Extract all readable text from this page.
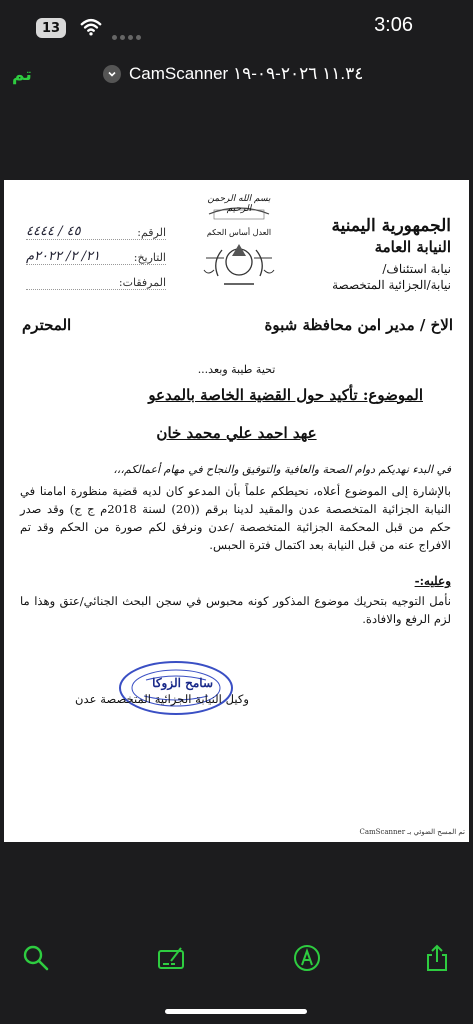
13	3:06
تم	CamScanner ١١.٣٤ ٢٠٢٦-٠٩-١٩
بسم الله الرحمن الرحيم
العدل أساس الحكم	الجمهورية اليمنية
النيابة العامة
نيابة استئناف/
نيابة/الجزائية المتخصصة
الرقم:
٤٥ / ٤٤٤٤
التاريخ:
٢١/ ٢/ ٢٠٢٢م
المرفقات:
الاخ / مدير امن محافظة شبوة
المحترم
تحية طيبة وبعد...
الموضوع: تأكيد حول القضية الخاصة بالمدعو
عهد احمد علي محمد خان
في البدء نهديكم دوام الصحة والعافية والتوفيق والنجاح في مهام أعمالكم،،،
بالإشارة إلى الموضوع أعلاه، نحيطكم علماً بأن المدعو كان لديه قضية منظورة امامنا في النيابة الجزائية المتخصصة عدن والمقيد لدينا برقم ((20) لسنة 2018م ج ج) وقد صدر حكم من قبل المحكمة الجزائية المتخصصة /عدن ونرفق لكم صورة من الحكم وقد تم الافراج عنه من قبل النيابة بعد اكتمال فترة الحبس.
وعليه:-
نأمل التوجيه بتحريك موضوع المذكور كونه محبوس في سجن البحث الجنائي/عتق وهذا ما لزم الرفع والافادة.
سامح الزوكا
وكيل النيابة الجزائية المتخصصة عدن
تم المسح الضوئي بـ CamScanner
